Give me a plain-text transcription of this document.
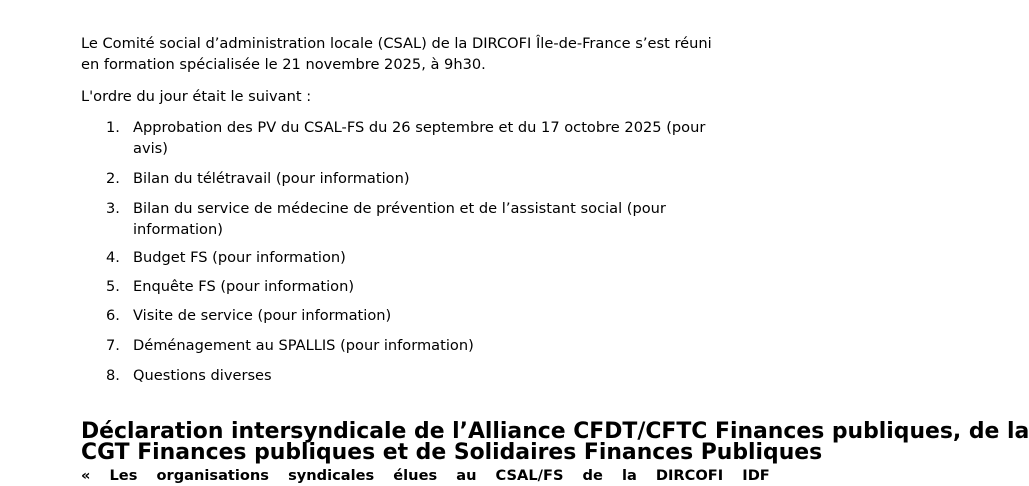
Le Comité social d’administration locale (CSAL) de la DIRCOFI Île-de-France s’est réuni
en formation spécialisée le 21 novembre 2025, à 9h30.

L'ordre du jour était le suivant :

1. Approbation des PV du CSAL-FS du 26 septembre et du 17 octobre 2025 (pour
avis)
2. Bilan du télétravail (pour information)
3. Bilan du service de médecine de prévention et de l’assistant social (pour
information)
4. Budget FS (pour information)
5. Enquête FS (pour information)
6. Visite de service (pour information)
7. Déménagement au SPALLIS (pour information)
8. Questions diverses
Déclaration intersyndicale de l’Alliance CFDT/CFTC Finances publiques, de la
CGT Finances publiques et de Solidaires Finances Publiques

« Les organisations syndicales élues au CSAL/FS de la DIRCOFI IDF
